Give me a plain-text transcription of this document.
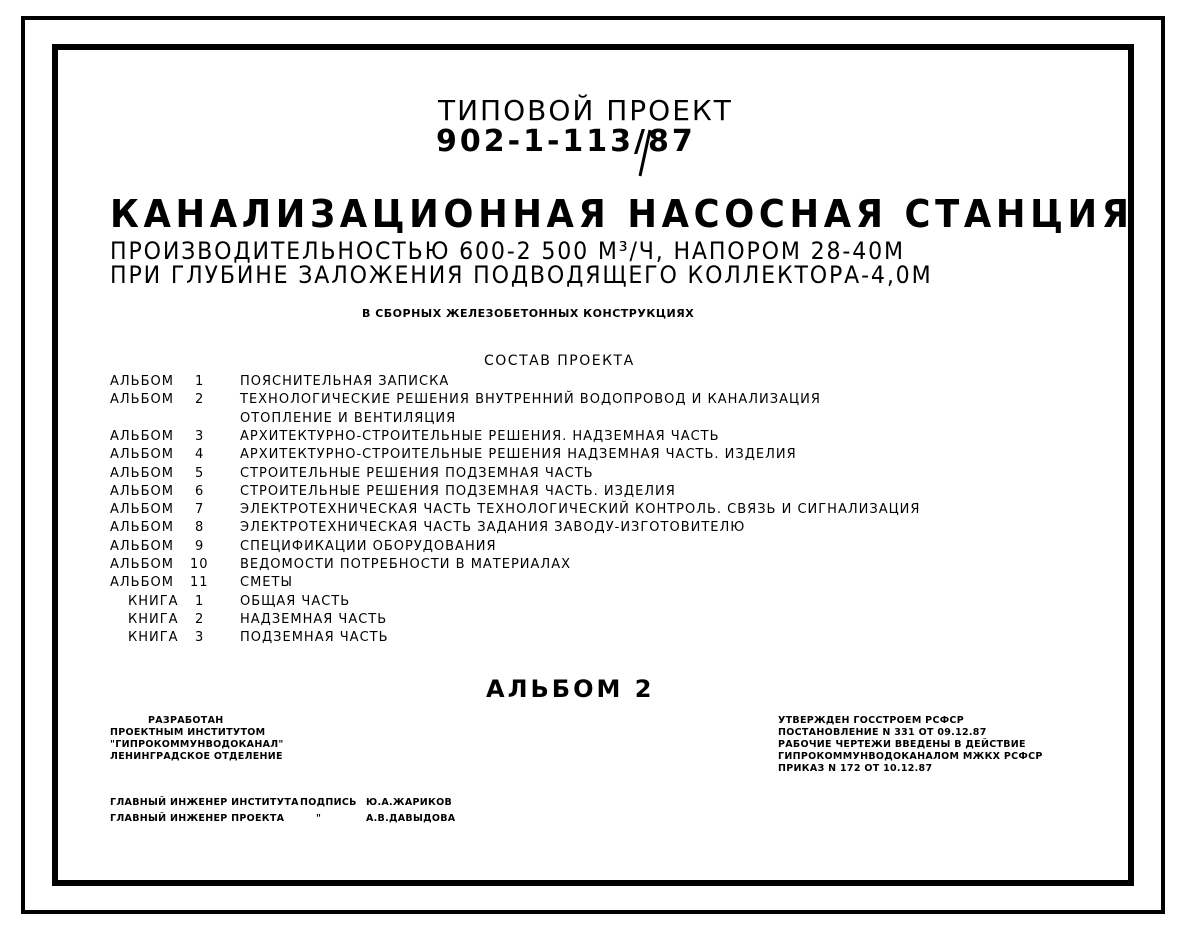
ТИПОВОЙ ПРОЕКТ
902-1-113/87
КАНАЛИЗАЦИОННАЯ НАСОСНАЯ СТАНЦИЯ
ПРОИЗВОДИТЕЛЬНОСТЬЮ 600-2 500 М³/Ч, НАПОРОМ 28-40М
ПРИ ГЛУБИНЕ ЗАЛОЖЕНИЯ ПОДВОДЯЩЕГО КОЛЛЕКТОРА-4,0М
В СБОРНЫХ ЖЕЛЕЗОБЕТОННЫХ КОНСТРУКЦИЯХ
СОСТАВ ПРОЕКТА
АЛЬБОМ 1	ПОЯСНИТЕЛЬНАЯ ЗАПИСКА
АЛЬБОМ 2	ТЕХНОЛОГИЧЕСКИЕ РЕШЕНИЯ ВНУТРЕННИЙ ВОДОПРОВОД И КАНАЛИЗАЦИЯ
ОТОПЛЕНИЕ И ВЕНТИЛЯЦИЯ
АЛЬБОМ 3	АРХИТЕКТУРНО-СТРОИТЕЛЬНЫЕ РЕШЕНИЯ. НАДЗЕМНАЯ ЧАСТЬ
АЛЬБОМ 4	АРХИТЕКТУРНО-СТРОИТЕЛЬНЫЕ РЕШЕНИЯ НАДЗЕМНАЯ ЧАСТЬ. ИЗДЕЛИЯ
АЛЬБОМ 5	СТРОИТЕЛЬНЫЕ РЕШЕНИЯ ПОДЗЕМНАЯ ЧАСТЬ
АЛЬБОМ 6	СТРОИТЕЛЬНЫЕ РЕШЕНИЯ ПОДЗЕМНАЯ ЧАСТЬ. ИЗДЕЛИЯ
АЛЬБОМ 7	ЭЛЕКТРОТЕХНИЧЕСКАЯ ЧАСТЬ ТЕХНОЛОГИЧЕСКИЙ КОНТРОЛЬ. СВЯЗЬ И СИГНАЛИЗАЦИЯ
АЛЬБОМ 8	ЭЛЕКТРОТЕХНИЧЕСКАЯ ЧАСТЬ ЗАДАНИЯ ЗАВОДУ-ИЗГОТОВИТЕЛЮ
АЛЬБОМ 9	СПЕЦИФИКАЦИИ ОБОРУДОВАНИЯ
АЛЬБОМ 10 ВЕДОМОСТИ ПОТРЕБНОСТИ В МАТЕРИАЛАХ
АЛЬБОМ 11 СМЕТЫ
КНИГА 1	ОБЩАЯ ЧАСТЬ
КНИГА 2	НАДЗЕМНАЯ ЧАСТЬ
КНИГА 3	ПОДЗЕМНАЯ ЧАСТЬ
АЛЬБОМ 2
РАЗРАБОТАН
ПРОЕКТНЫМ ИНСТИТУТОМ
"ГИПРОКОММУНВОДОКАНАЛ"
ЛЕНИНГРАДСКОЕ ОТДЕЛЕНИЕ
УТВЕРЖДЕН ГОССТРОЕМ РСФСР
ПОСТАНОВЛЕНИЕ N 331 ОТ 09.12.87
РАБОЧИЕ ЧЕРТЕЖИ ВВЕДЕНЫ В ДЕЙСТВИЕ
ГИПРОКОММУНВОДОКАНАЛОМ МЖКХ РСФСР
ПРИКАЗ N 172 ОТ 10.12.87
ГЛАВНЫЙ ИНЖЕНЕР ИНСТИТУТА ПОДПИСЬ Ю.А.ЖАРИКОВ
ГЛАВНЫЙ ИНЖЕНЕР ПРОЕКТА	"	А.В.ДАВЫДОВА
